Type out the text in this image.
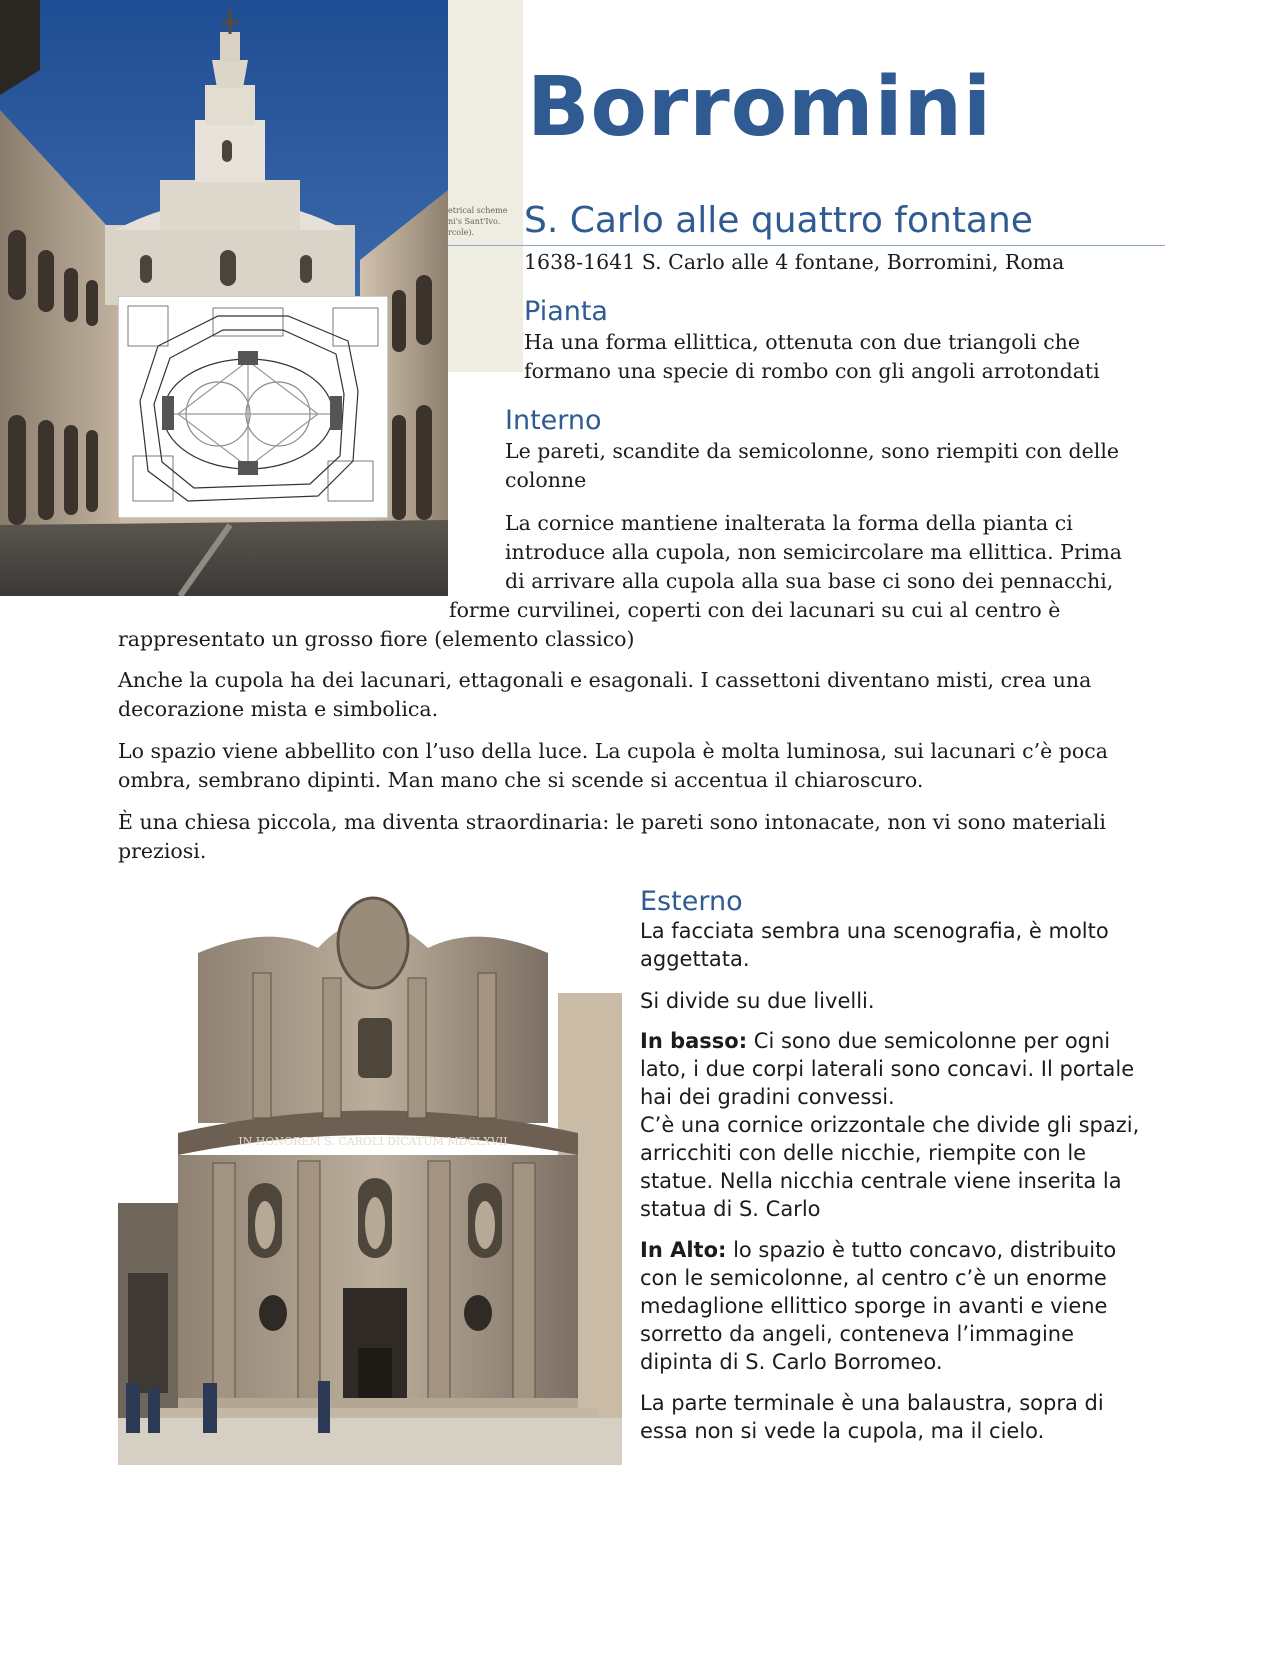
etrical scheme
ni's Sant'Ivo.
rcole).
Borromini
S. Carlo alle quattro fontane
1638-1641 S. Carlo alle 4 fontane, Borromini, Roma
Pianta

Ha una forma ellittica, ottenuta con due triangoli che

formano una specie di rombo con gli angoli arrotondati

Interno

Le pareti, scandite da semicolonne, sono riempiti con delle

colonne

La cornice mantiene inalterata la forma della pianta ci

introduce alla cupola, non semicircolare ma ellittica. Prima

di arrivare alla cupola alla sua base ci sono dei pennacchi,

forme curvilinei, coperti con dei lacunari su cui al centro è
rappresentato un grosso fiore (elemento classico)

Anche la cupola ha dei lacunari, ettagonali e esagonali. I cassettoni diventano misti, crea una

decorazione mista e simbolica.

Lo spazio viene abbellito con l’uso della luce. La cupola è molta luminosa, sui lacunari c’è poca

ombra, sembrano dipinti. Man mano che si scende si accentua il chiaroscuro.

È una chiesa piccola, ma diventa straordinaria: le pareti sono intonacate, non vi sono materiali

preziosi.

IN HONOREM S. CAROLI DICATUM MDCLXVII
Esterno

La facciata sembra una scenografia, è molto

aggettata.

Si divide su due livelli.

In basso: Ci sono due semicolonne per ogni

lato, i due corpi laterali sono concavi. Il portale

hai dei gradini convessi.

C’è una cornice orizzontale che divide gli spazi,

arricchiti con delle nicchie, riempite con le

statue. Nella nicchia centrale viene inserita la

statua di S. Carlo

In Alto: lo spazio è tutto concavo, distribuito

con le semicolonne, al centro c’è un enorme

medaglione ellittico sporge in avanti e viene

sorretto da angeli, conteneva l’immagine

dipinta di S. Carlo Borromeo.

La parte terminale è una balaustra, sopra di

essa non si vede la cupola, ma il cielo.
